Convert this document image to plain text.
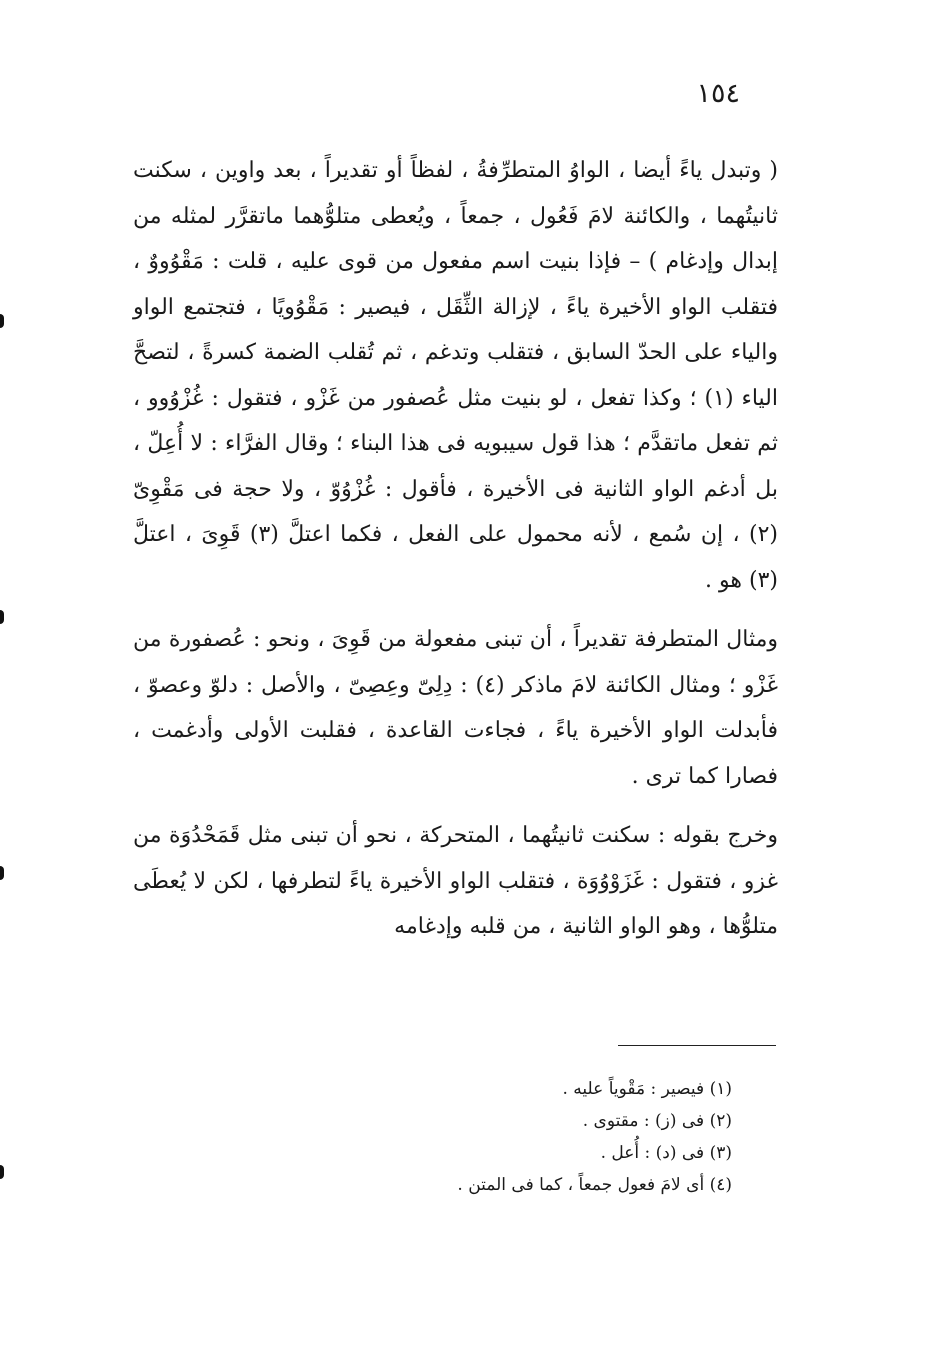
١٥٤

( وتبدل ياءً أيضا ، الواوُ المتطرِّفةُ ، لفظاً أو تقديراً ، بعد واوين ، سكنت ثانيتُهما ، والكائنة لامَ فَعُول ، جمعاً ، ويُعطى متلوُّهما ماتقرَّر لمثله من إبدال وإدغام ) – فإذا بنيت اسم مفعول من قوى عليه ، قلت : مَقْوُووٌ ، فتقلب الواو الأخيرة ياءً ، لإزالة الثِّقَل ، فيصير : مَقْوُويًا ، فتجتمع الواو والياء على الحدّ السابق ، فتقلب وتدغم ، ثم تُقلب الضمة كسرةً ، لتصحَّ الياء (١) ؛ وكذا تفعل ، لو بنيت مثل عُصفور من غَزْو ، فتقول : غُزْوُوو ، ثم تفعل ماتقدَّم ؛ هذا قول سيبويه فى هذا البناء ؛ وقال الفرَّاء : لا أُعِلّ ، بل أدغم الواو الثانية فى الأخيرة ، فأقول : غُزْوُوّ ، ولا حجة فى مَقْوِىّ (٢) ، إن سُمع ، لأنه محمول على الفعل ، فكما اعتلَّ (٣) قَوِىَ ، اعتلَّ (٣) هو .

ومثال المتطرفة تقديراً ، أن تبنى مفعولة من قَوِىَ ، ونحو : عُصفورة من غَزْو ؛ ومثال الكائنة لامَ ماذكر (٤) : دِلِىّ وعِصِىّ ، والأصل : دلوّ وعصوّ ، فأبدلت الواو الأخيرة ياءً ، فجاءت القاعدة ، فقلبت الأولى وأدغمت ، فصارا كما ترى .

وخرج بقوله : سكنت ثانيتُهما ، المتحركة ، نحو أن تبنى مثل قَمَحْدُوَة من غزو ، فتقول : غَزَوْوُوَة ، فتقلب الواو الأخيرة ياءً لتطرفها ، لكن لا يُعطَى متلوُّها ، وهو الواو الثانية ، من قلبه وإدغامه

(١) فيصير : مَقْوياً عليه .
(٢) فى (ز) : مقتوى .
(٣) فى (د) : أُعل .
(٤) أى لامَ فعول جمعاً ، كما فى المتن .
